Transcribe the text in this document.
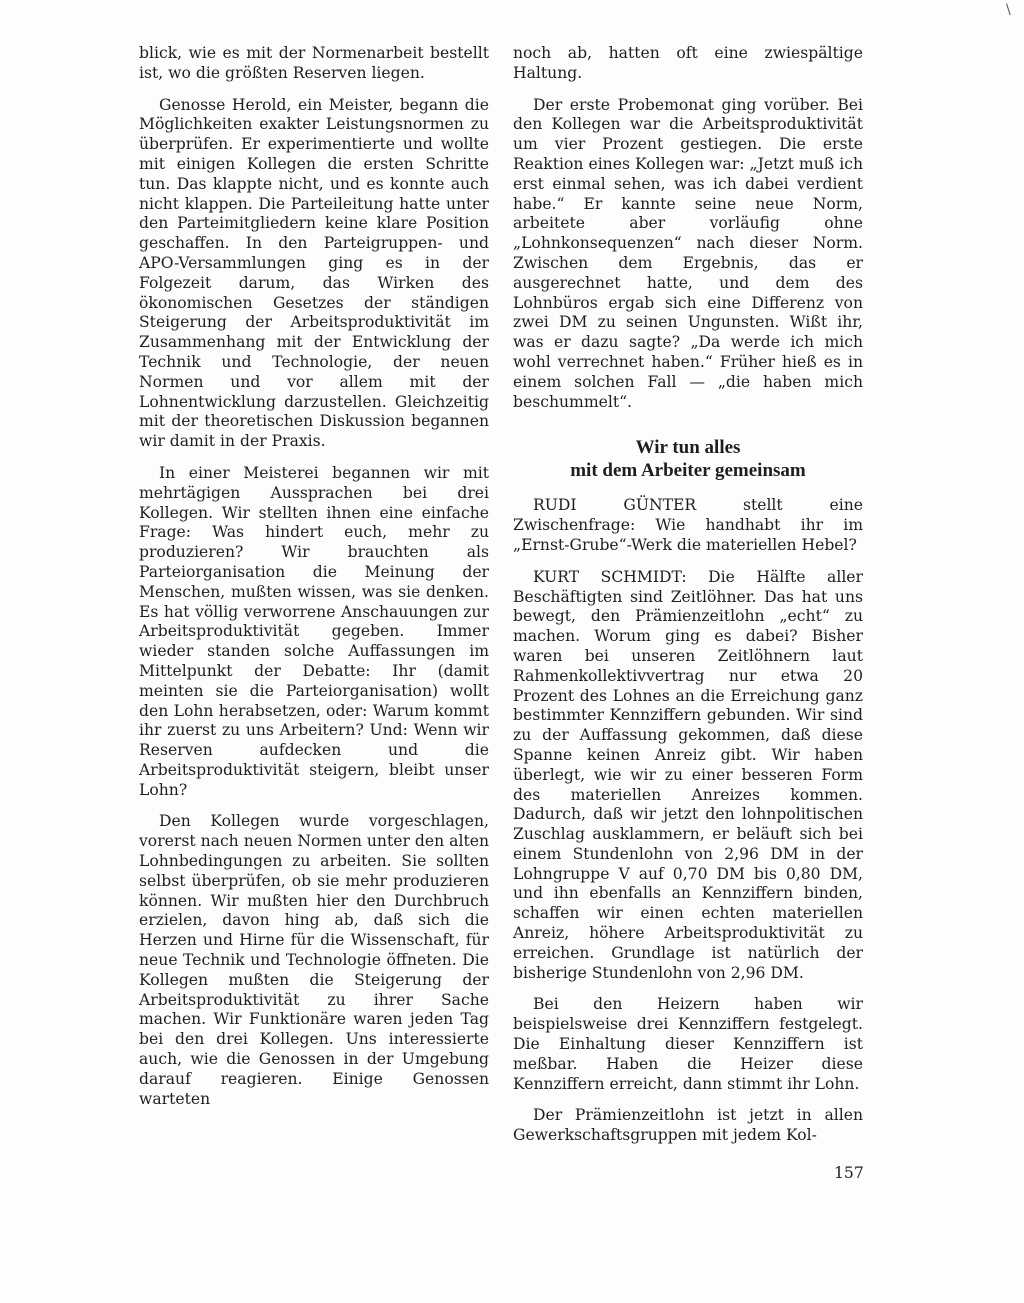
\

blick, wie es mit der Normenarbeit bestellt ist, wo die größten Reserven liegen.

Genosse Herold, ein Meister, begann die Möglichkeiten exakter Leistungsnormen zu überprüfen. Er experimentierte und wollte mit einigen Kollegen die ersten Schritte tun. Das klappte nicht, und es konnte auch nicht klappen. Die Parteileitung hatte unter den Parteimitgliedern keine klare Position geschaffen. In den Parteigruppen- und APO-Versammlungen ging es in der Folgezeit darum, das Wirken des ökonomischen Gesetzes der ständigen Steigerung der Arbeitsproduktivität im Zusammenhang mit der Entwicklung der Technik und Technologie, der neuen Normen und vor allem mit der Lohnentwicklung darzustellen. Gleichzeitig mit der theoretischen Diskussion begannen wir damit in der Praxis.

In einer Meisterei begannen wir mit mehrtägigen Aussprachen bei drei Kollegen. Wir stellten ihnen eine einfache Frage: Was hindert euch, mehr zu produzieren? Wir brauchten als Parteiorganisation die Meinung der Menschen, mußten wissen, was sie denken. Es hat völlig verworrene Anschauungen zur Arbeitsproduktivität gegeben. Immer wieder standen solche Auffassungen im Mittelpunkt der Debatte: Ihr (damit meinten sie die Parteiorganisation) wollt den Lohn herabsetzen, oder: Warum kommt ihr zuerst zu uns Arbeitern? Und: Wenn wir Reserven aufdecken und die Arbeitsproduktivität steigern, bleibt unser Lohn?

Den Kollegen wurde vorgeschlagen, vorerst nach neuen Normen unter den alten Lohnbedingungen zu arbeiten. Sie sollten selbst überprüfen, ob sie mehr produzieren können. Wir mußten hier den Durchbruch erzielen, davon hing ab, daß sich die Herzen und Hirne für die Wissenschaft, für neue Technik und Technologie öffneten. Die Kollegen mußten die Steigerung der Arbeitsproduktivität zu ihrer Sache machen. Wir Funktionäre waren jeden Tag bei den drei Kollegen. Uns interessierte auch, wie die Genossen in der Umgebung darauf reagieren. Einige Genossen warteten

noch ab, hatten oft eine zwiespältige Haltung.

Der erste Probemonat ging vorüber. Bei den Kollegen war die Arbeitsproduktivität um vier Prozent gestiegen. Die erste Reaktion eines Kollegen war: „Jetzt muß ich erst einmal sehen, was ich dabei verdient habe.“ Er kannte seine neue Norm, arbeitete aber vorläufig ohne „Lohnkonsequenzen“ nach dieser Norm. Zwischen dem Ergebnis, das er ausgerechnet hatte, und dem des Lohnbüros ergab sich eine Differenz von zwei DM zu seinen Ungunsten. Wißt ihr, was er dazu sagte? „Da werde ich mich wohl verrechnet haben.“ Früher hieß es in einem solchen Fall — „die haben mich beschummelt“.

Wir tun alles
mit dem Arbeiter gemeinsam

RUDI GÜNTER stellt eine Zwischenfrage: Wie handhabt ihr im „Ernst-Grube“-Werk die materiellen Hebel?

KURT SCHMIDT: Die Hälfte aller Beschäftigten sind Zeitlöhner. Das hat uns bewegt, den Prämienzeitlohn „echt“ zu machen. Worum ging es dabei? Bisher waren bei unseren Zeitlöhnern laut Rahmenkollektivvertrag nur etwa 20 Prozent des Lohnes an die Erreichung ganz bestimmter Kennziffern gebunden. Wir sind zu der Auffassung gekommen, daß diese Spanne keinen Anreiz gibt. Wir haben überlegt, wie wir zu einer besseren Form des materiellen Anreizes kommen. Dadurch, daß wir jetzt den lohnpolitischen Zuschlag ausklammern, er beläuft sich bei einem Stundenlohn von 2,96 DM in der Lohngruppe V auf 0,70 DM bis 0,80 DM, und ihn ebenfalls an Kennziffern binden, schaffen wir einen echten materiellen Anreiz, höhere Arbeitsproduktivität zu erreichen. Grundlage ist natürlich der bisherige Stundenlohn von 2,96 DM.

Bei den Heizern haben wir beispielsweise drei Kennziffern festgelegt. Die Einhaltung dieser Kennziffern ist meßbar. Haben die Heizer diese Kennziffern erreicht, dann stimmt ihr Lohn.

Der Prämienzeitlohn ist jetzt in allen Gewerkschaftsgruppen mit jedem Kol-

157
